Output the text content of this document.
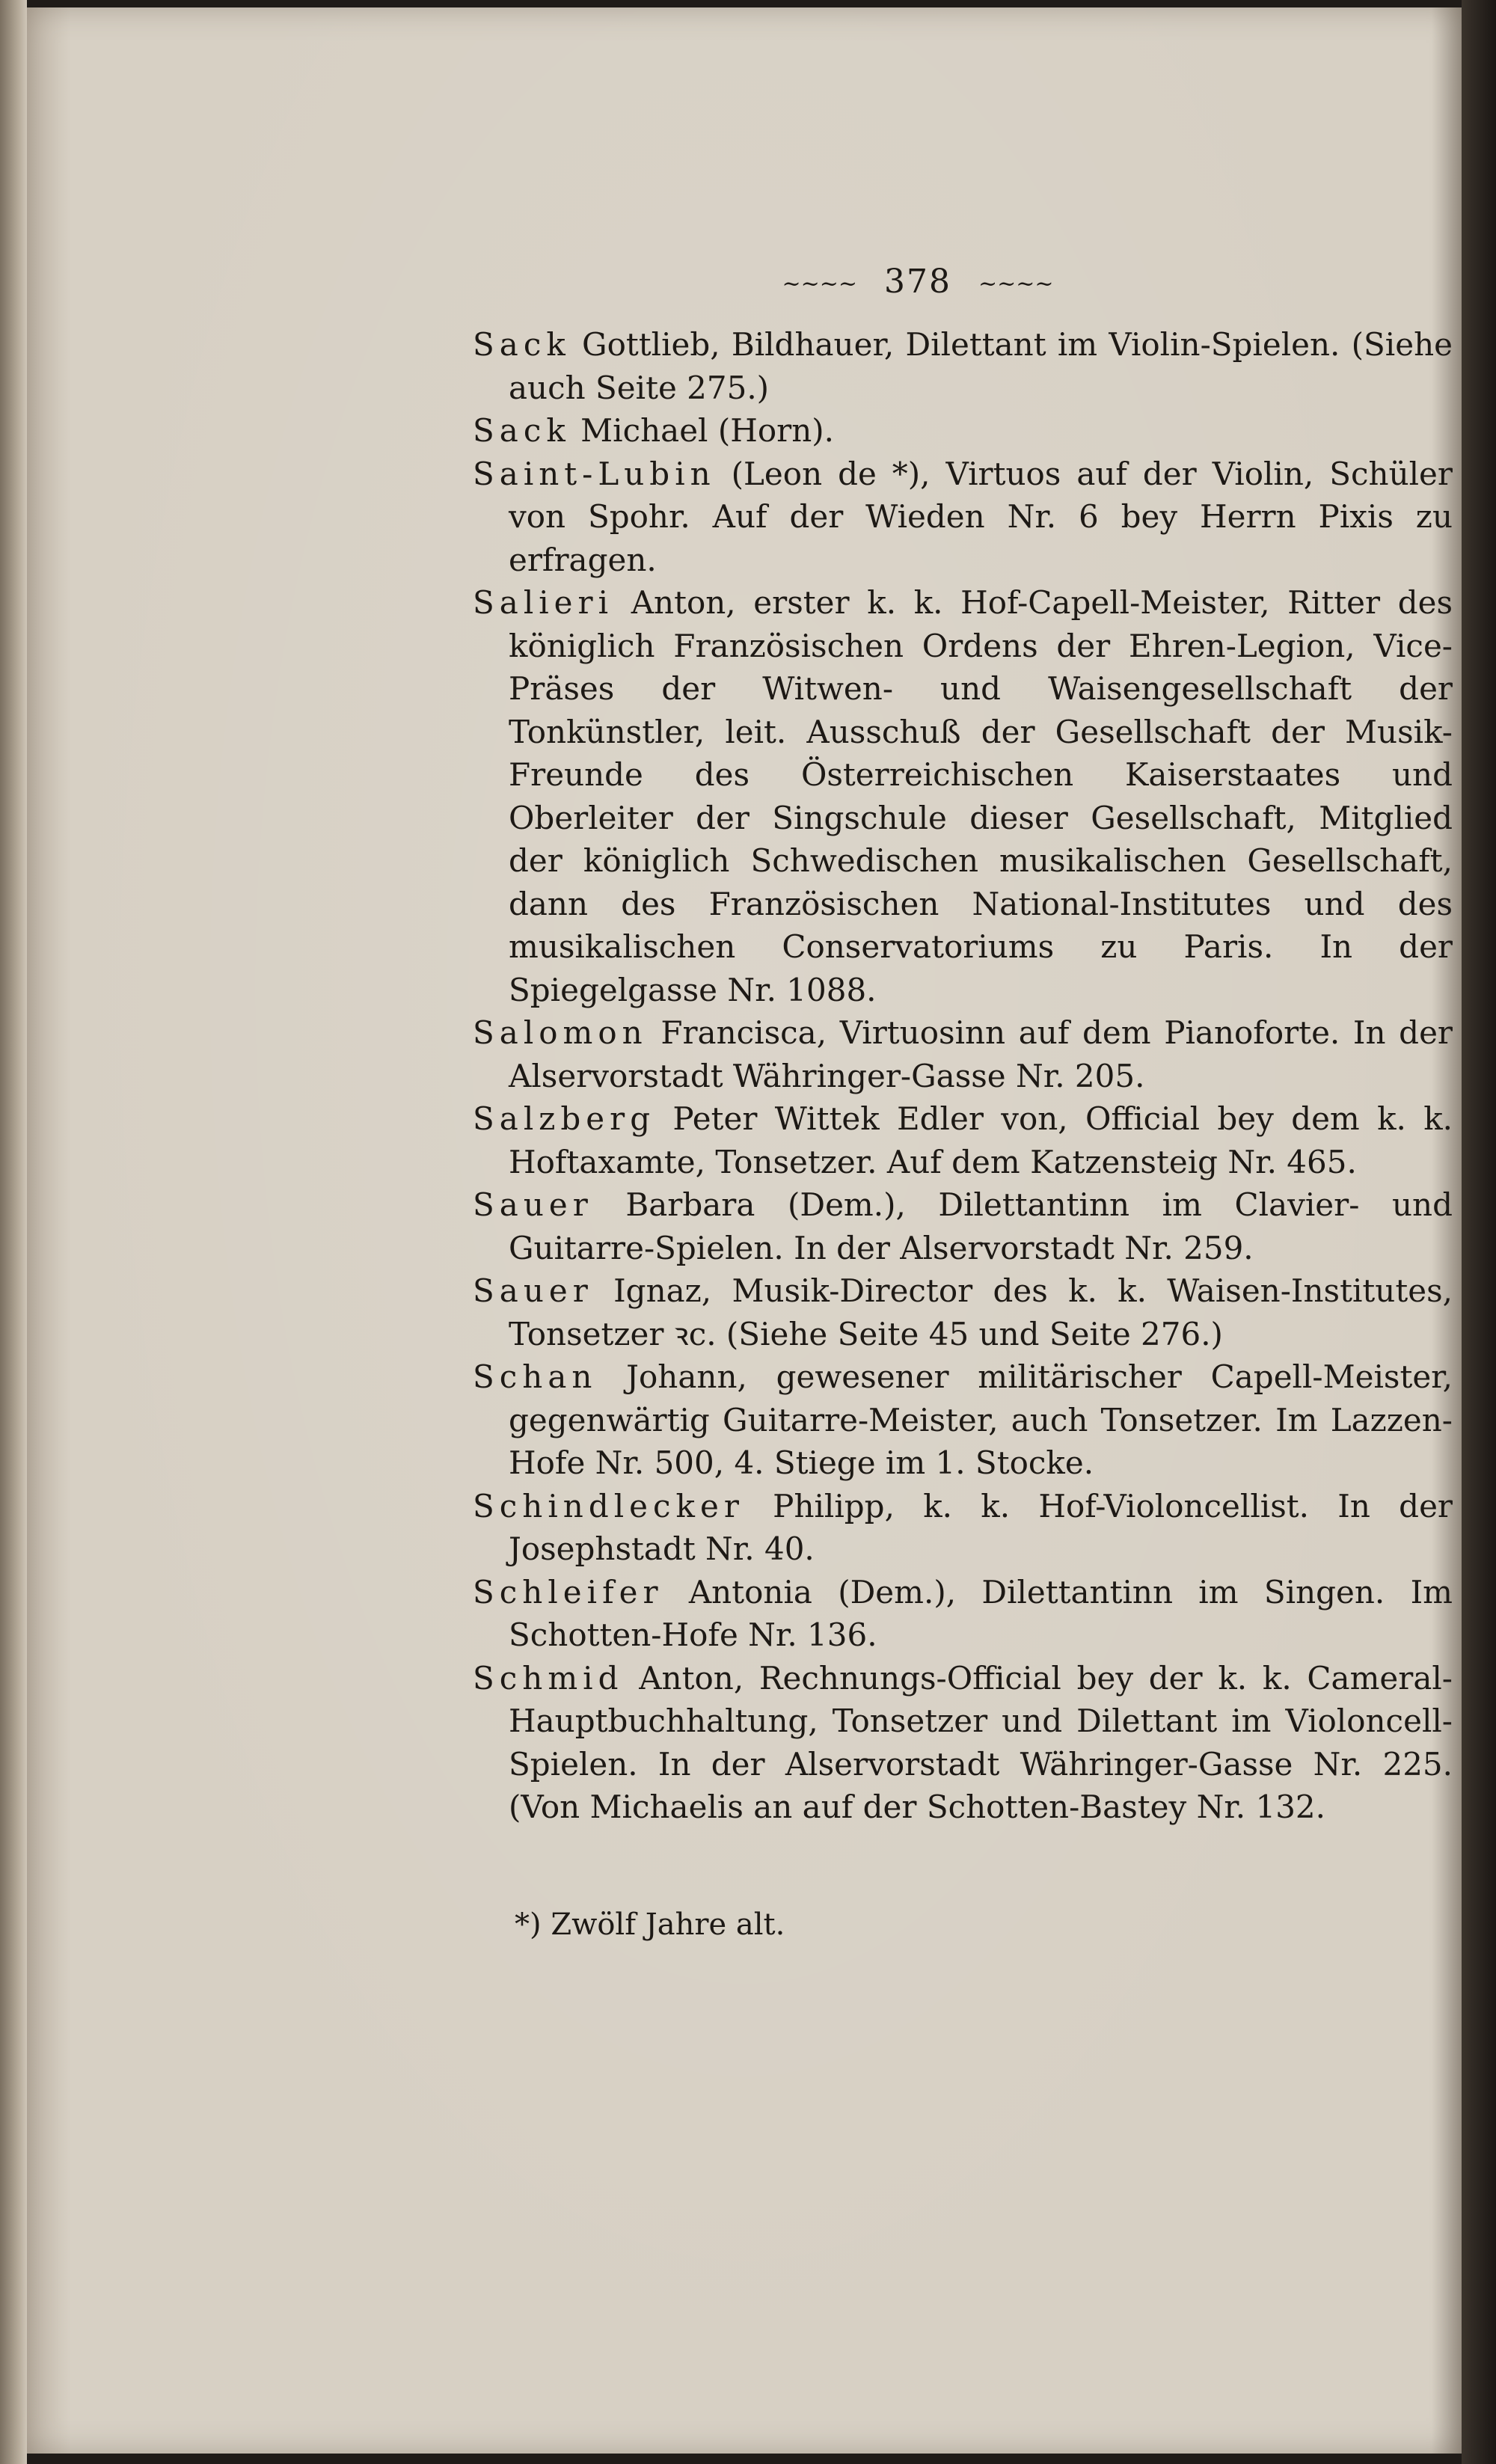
~~~~ 378 ~~~~

Sack Gottlieb, Bildhauer, Dilettant im Violin-Spielen. (Siehe auch Seite 275.)

Sack Michael (Horn).

Saint-Lubin (Leon de *), Virtuos auf der Violin, Schüler von Spohr. Auf der Wieden Nr. 6 bey Herrn Pixis zu erfragen.

Salieri Anton, erster k. k. Hof-Capell-Meister, Ritter des königlich Französischen Ordens der Ehren-Legion, Vice-Präses der Witwen- und Waisengesellschaft der Tonkünstler, leit. Ausschuß der Gesellschaft der Musik-Freunde des Österreichischen Kaiserstaates und Oberleiter der Singschule dieser Gesellschaft, Mitglied der königlich Schwedischen musikalischen Gesellschaft, dann des Französischen National-Institutes und des musikalischen Conservatoriums zu Paris. In der Spiegelgasse Nr. 1088.

Salomon Francisca, Virtuosinn auf dem Pianoforte. In der Alservorstadt Währinger-Gasse Nr. 205.

Salzberg Peter Wittek Edler von, Official bey dem k. k. Hoftaxamte, Tonsetzer. Auf dem Katzensteig Nr. 465.

Sauer Barbara (Dem.), Dilettantinn im Clavier- und Guitarre-Spielen. In der Alservorstadt Nr. 259.

Sauer Ignaz, Musik-Director des k. k. Waisen-Institutes, Tonsetzer ꝛc. (Siehe Seite 45 und Seite 276.)

Schan Johann, gewesener militärischer Capell-Meister, gegenwärtig Guitarre-Meister, auch Tonsetzer. Im Lazzen-Hofe Nr. 500, 4. Stiege im 1. Stocke.

Schindlecker Philipp, k. k. Hof-Violoncellist. In der Josephstadt Nr. 40.

Schleifer Antonia (Dem.), Dilettantinn im Singen. Im Schotten-Hofe Nr. 136.

Schmid Anton, Rechnungs-Official bey der k. k. Cameral-Hauptbuchhaltung, Tonsetzer und Dilettant im Violoncell-Spielen. In der Alservorstadt Währinger-Gasse Nr. 225. (Von Michaelis an auf der Schotten-Bastey Nr. 132.

*) Zwölf Jahre alt.
